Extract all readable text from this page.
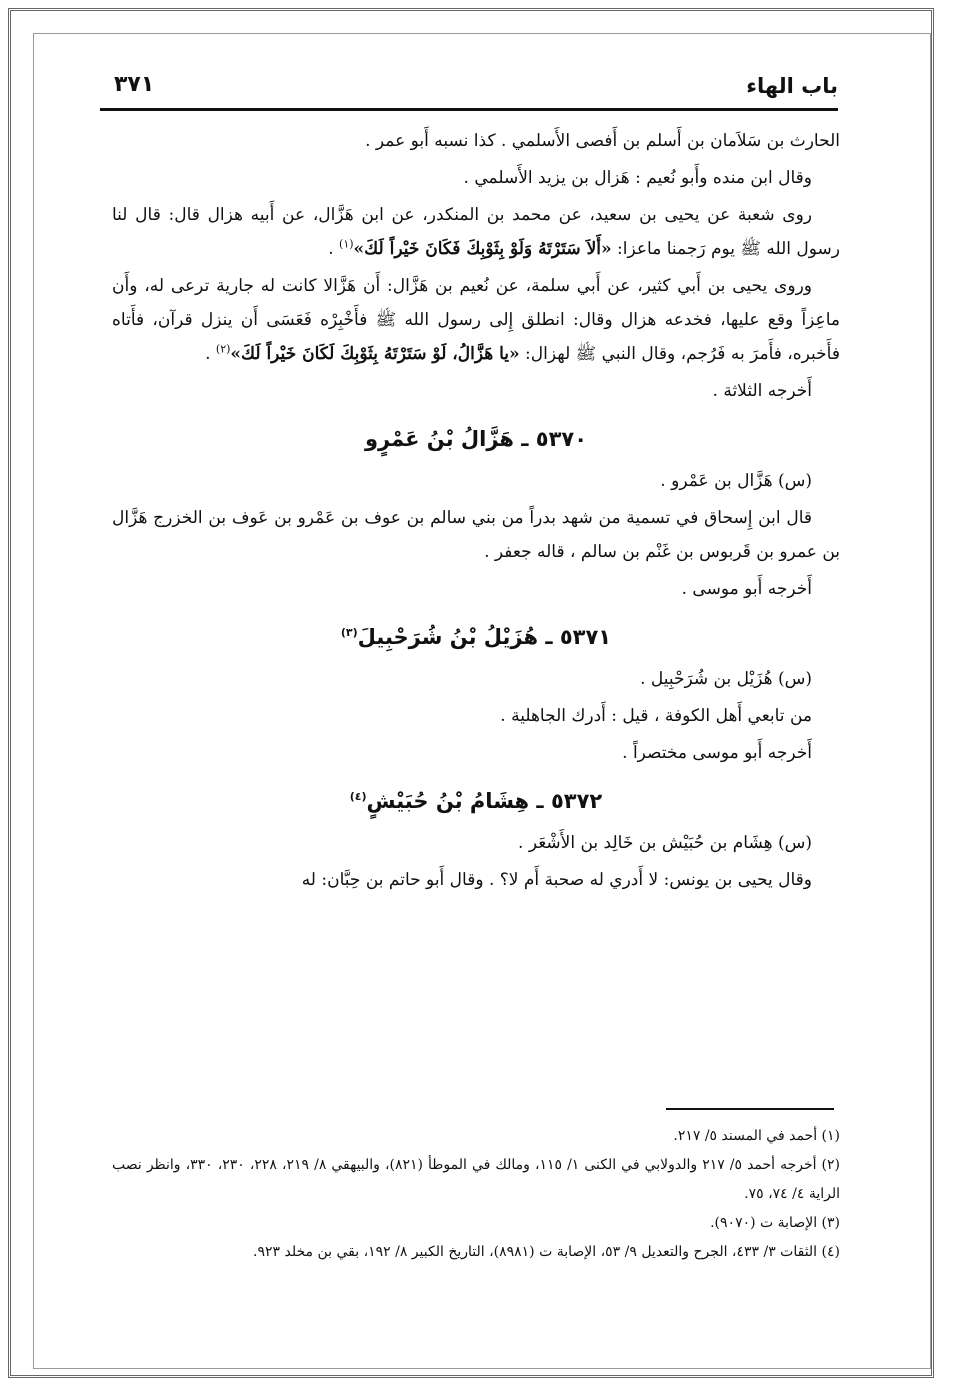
٣٧١	باب الهاء

الحارث بن سَلاَمان بن أَسلم بن أَفصى الأَسلمي . كذا نسبه أَبو عمر .

وقال ابن منده وأَبو نُعيم : هَزال بن يزيد الأَسلمي .

روى شعبة عن يحيى بن سعيد، عن محمد بن المنكدر، عن ابن هَزَّال، عن أَبيه هزال قال: قال لنا رسول الله ﷺ يوم رَجمنا ماعزا: «أَلاَ سَتَرْتَهُ وَلَوْ بِثَوْبِكَ فَكَانَ خَيْراً لَكَ»$^{(١)}$ .

وروى يحيى بن أَبي كثير، عن أَبي سلمة، عن نُعيم بن هَزَّال: أَن هَزَّالا كانت له جارية ترعى له، وأَن ماعِزاً وقع عليها، فخدعه هزال وقال: انطلق إِلى رسول الله ﷺ فأَخْبِرْه فَعَسَى أَن ينزل قرآن، فأَتاه فأَخبره، فأَمرَ به فَرُجم، وقال النبي ﷺ لهزال: «يا هَزَّالُ، لَوْ سَتَرْتَهُ بِثَوْبِكَ لَكَانَ خَيْراً لَكَ»$^{(٢)}$ .

أَخرجه الثلاثة .

٥٣٧٠ ـ هَزَّالُ بْنُ عَمْرٍو

(س) هَزَّال بن عَمْرو .

قال ابن إِسحاق في تسمية من شهد بدراً من بني سالم بن عوف بن عَمْرو بن عَوف بن الخزرج هَزَّال بن عمرو بن قَربوس بن غَنْم بن سالم ، قاله جعفر .

أَخرجه أَبو موسى .

٥٣٧١ ـ هُزَيْلُ بْنُ شُرَحْبِيلَ$^{(٣)}$

(س) هُزَيْل بن شُرَحْبِيل .

من تابعي أَهل الكوفة ، قيل : أَدرك الجاهلية .

أَخرجه أَبو موسى مختصراً .

٥٣٧٢ ـ هِشَامُ بْنُ حُبَيْشٍ$^{(٤)}$

(س) هِشَام بن حُبَيْش بن خَالِد بن الأَشْعَر .

وقال يحيى بن يونس: لا أَدري له صحبة أَم لا؟ . وقال أَبو حاتم بن حِبَّان: له

(١) أحمد في المسند ٥/ ٢١٧.

(٢) أخرجه أحمد ٥/ ٢١٧ والدولابي في الكنى ١/ ١١٥، ومالك في الموطأ (٨٢١)، والبيهقي ٨/ ٢١٩، ٢٢٨، ٢٣٠، ٣٣٠، وانظر نصب الراية ٤/ ٧٤، ٧٥.

(٣) الإصابة ت (٩٠٧٠).

(٤) الثقات ٣/ ٤٣٣، الجرح والتعديل ٩/ ٥٣، الإصابة ت (٨٩٨١)، التاريخ الكبير ٨/ ١٩٢، بقي بن مخلد ٩٢٣.
